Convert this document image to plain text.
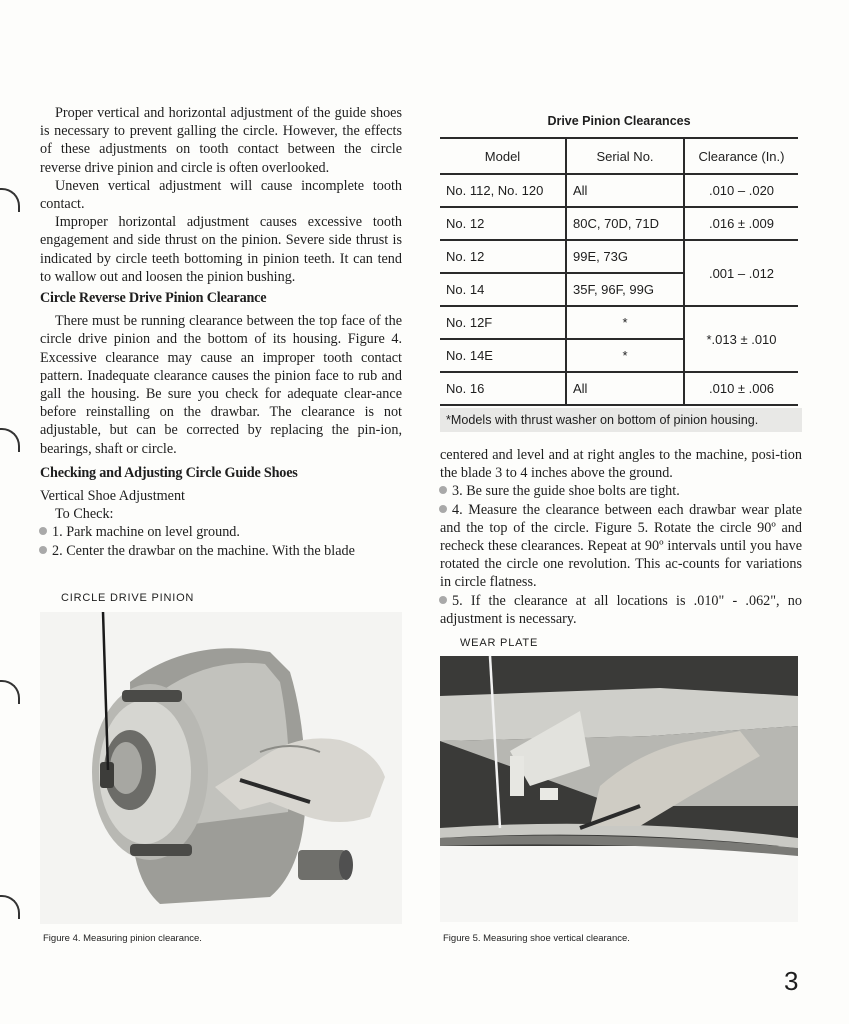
Proper vertical and horizontal adjustment of the guide shoes is necessary to prevent galling the circle. However, the effects of these adjustments on tooth contact between the circle reverse drive pinion and circle is often overlooked.

Uneven vertical adjustment will cause incomplete tooth contact.

Improper horizontal adjustment causes excessive tooth engagement and side thrust on the pinion. Severe side thrust is indicated by circle teeth bottoming in pinion teeth. It can tend to wallow out and loosen the pinion bushing.

Circle Reverse Drive Pinion Clearance

There must be running clearance between the top face of the circle drive pinion and the bottom of its housing. Figure 4. Excessive clearance may cause an improper tooth contact pattern. Inadequate clearance causes the pinion face to rub and gall the housing. Be sure you check for adequate clear-ance before reinstalling on the drawbar. The clearance is not adjustable, but can be corrected by replacing the pin-ion, bearings, shaft or circle.

Checking and Adjusting Circle Guide Shoes

Vertical Shoe Adjustment

To Check:

1. Park machine on level ground.

2. Center the drawbar on the machine. With the blade

Drive Pinion Clearances
Model	Serial No.	Clearance (In.)
No. 112, No. 120	All	.010 – .020
No. 12	80C, 70D, 71D	.016 ± .009
No. 12	99E, 73G	.001 – .012
No. 14	35F, 96F, 99G	
No. 12F	*	*.013 ± .010
No. 14E	*	
No. 16	All	.010 ± .006
*Models with thrust washer on bottom of pinion housing.

centered and level and at right angles to the machine, posi-tion the blade 3 to 4 inches above the ground.

3. Be sure the guide shoe bolts are tight.

4. Measure the clearance between each drawbar wear plate and the top of the circle. Figure 5. Rotate the circle 90º and recheck these clearances. Repeat at 90º intervals until you have rotated the circle one revolution. This ac-counts for variations in circle flatness.

5. If the clearance at all locations is .010" - .062", no adjustment is necessary.

CIRCLE DRIVE PINION
Figure 4. Measuring pinion clearance.
WEAR PLATE
Figure 5. Measuring shoe vertical clearance.
3
